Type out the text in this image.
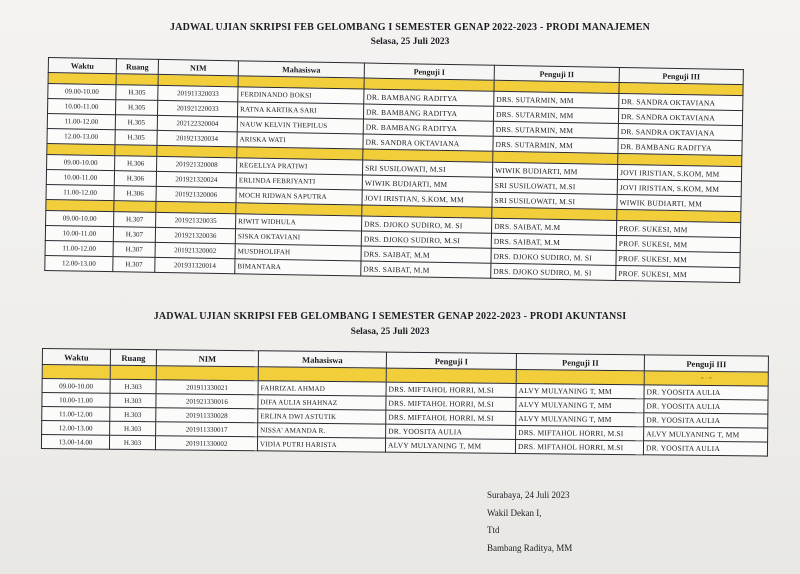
JADWAL UJIAN SKRIPSI FEB GELOMBANG I SEMESTER GENAP 2022-2023 - PRODI MANAJEMEN
Selasa, 25 Juli 2023
Waktu	Ruang	NIM	Mahasiswa	Penguji I	Penguji II	Penguji III

09.00-10.00	H.305	201911320033	FERDINANDO BOKSI	DR. BAMBANG RADITYA	DRS. SUTARMIN, MM	DR. SANDRA OKTAVIANA
10.00-11.00	H.305	201921220033	RATNA KARTIKA SARI	DR. BAMBANG RADITYA	DRS. SUTARMIN, MM	DR. SANDRA OKTAVIANA
11.00-12.00	H.305	202122320004	NAUW KELVIN THEPILUS	DR. BAMBANG RADITYA	DRS. SUTARMIN, MM	DR. SANDRA OKTAVIANA
12.00-13.00	H.305	201921320034	ARISKA WATI	DR. SANDRA OKTAVIANA	DRS. SUTARMIN, MM	DR. BAMBANG RADITYA

09.00-10.00	H.306	201921320008	REGELLYA PRATIWI	SRI SUSILOWATI, M.SI	WIWIK BUDIARTI, MM	JOVI IRISTIAN, S.KOM, MM
10.00-11.00	H.306	201921320024	ERLINDA FEBRIYANTI	WIWIK BUDIARTI, MM	SRI SUSILOWATI, M.SI	JOVI IRISTIAN, S.KOM, MM
11.00-12.00	H.306	201921320006	MOCH RIDWAN SAPUTRA	JOVI IRISTIAN, S.KOM, MM	SRI SUSILOWATI, M.SI	WIWIK BUDIARTI, MM

09.00-10.00	H.307	201921320035	RIWIT WIDHULA	DRS. DJOKO SUDIRO, M. SI	DRS. SAIBAT, M.M	PROF. SUKESI, MM
10.00-11.00	H.307	201921320036	SISKA OKTAVIANI	DRS. DJOKO SUDIRO, M.SI	DRS. SAIBAT, M.M	PROF. SUKESI, MM
11.00-12.00	H.307	201921320002	MUSDHOLIFAH	DRS. SAIBAT, M.M	DRS. DJOKO SUDIRO, M. SI	PROF. SUKESI, MM
12.00-13.00	H.307	201931320014	BIMANTARA	DRS. SAIBAT, M.M	DRS. DJOKO SUDIRO, M. SI	PROF. SUKESI, MM
JADWAL UJIAN SKRIPSI FEB GELOMBANG I SEMESTER GENAP 2022-2023 - PRODI AKUNTANSI
Selasa, 25 Juli 2023
Waktu	Ruang	NIM	Mahasiswa	Penguji I	Penguji II	Penguji III
						= ∙ =
09.00-10.00	H.303	201911330021	FAHRIZAL AHMAD	DRS. MIFTAHOL HORRI, M.SI	ALVY MULYANING T, MM	DR. YOOSITA AULIA
10.00-11.00	H.303	201921330016	DIFA AULIA SHAHNAZ	DRS. MIFTAHOL HORRI, M.SI	ALVY MULYANING T, MM	DR. YOOSITA AULIA
11.00-12.00	H.303	201911330028	ERLINA DWI ASTUTIK	DRS. MIFTAHOL HORRI, M.SI	ALVY MULYANING T, MM	DR. YOOSITA AULIA
12.00-13.00	H.303	201911330017	NISSA' AMANDA R.	DR. YOOSITA AULIA	DRS. MIFTAHOL HORRI, M.SI	ALVY MULYANING T, MM
13.00-14.00	H.303	201911330002	VIDIA PUTRI HARISTA	ALVY MULYANING T, MM	DRS. MIFTAHOL HORRI, M.SI	DR. YOOSITA AULIA
Surabaya, 24 Juli 2023
Wakil Dekan I,
Ttd
Bambang Raditya, MM
